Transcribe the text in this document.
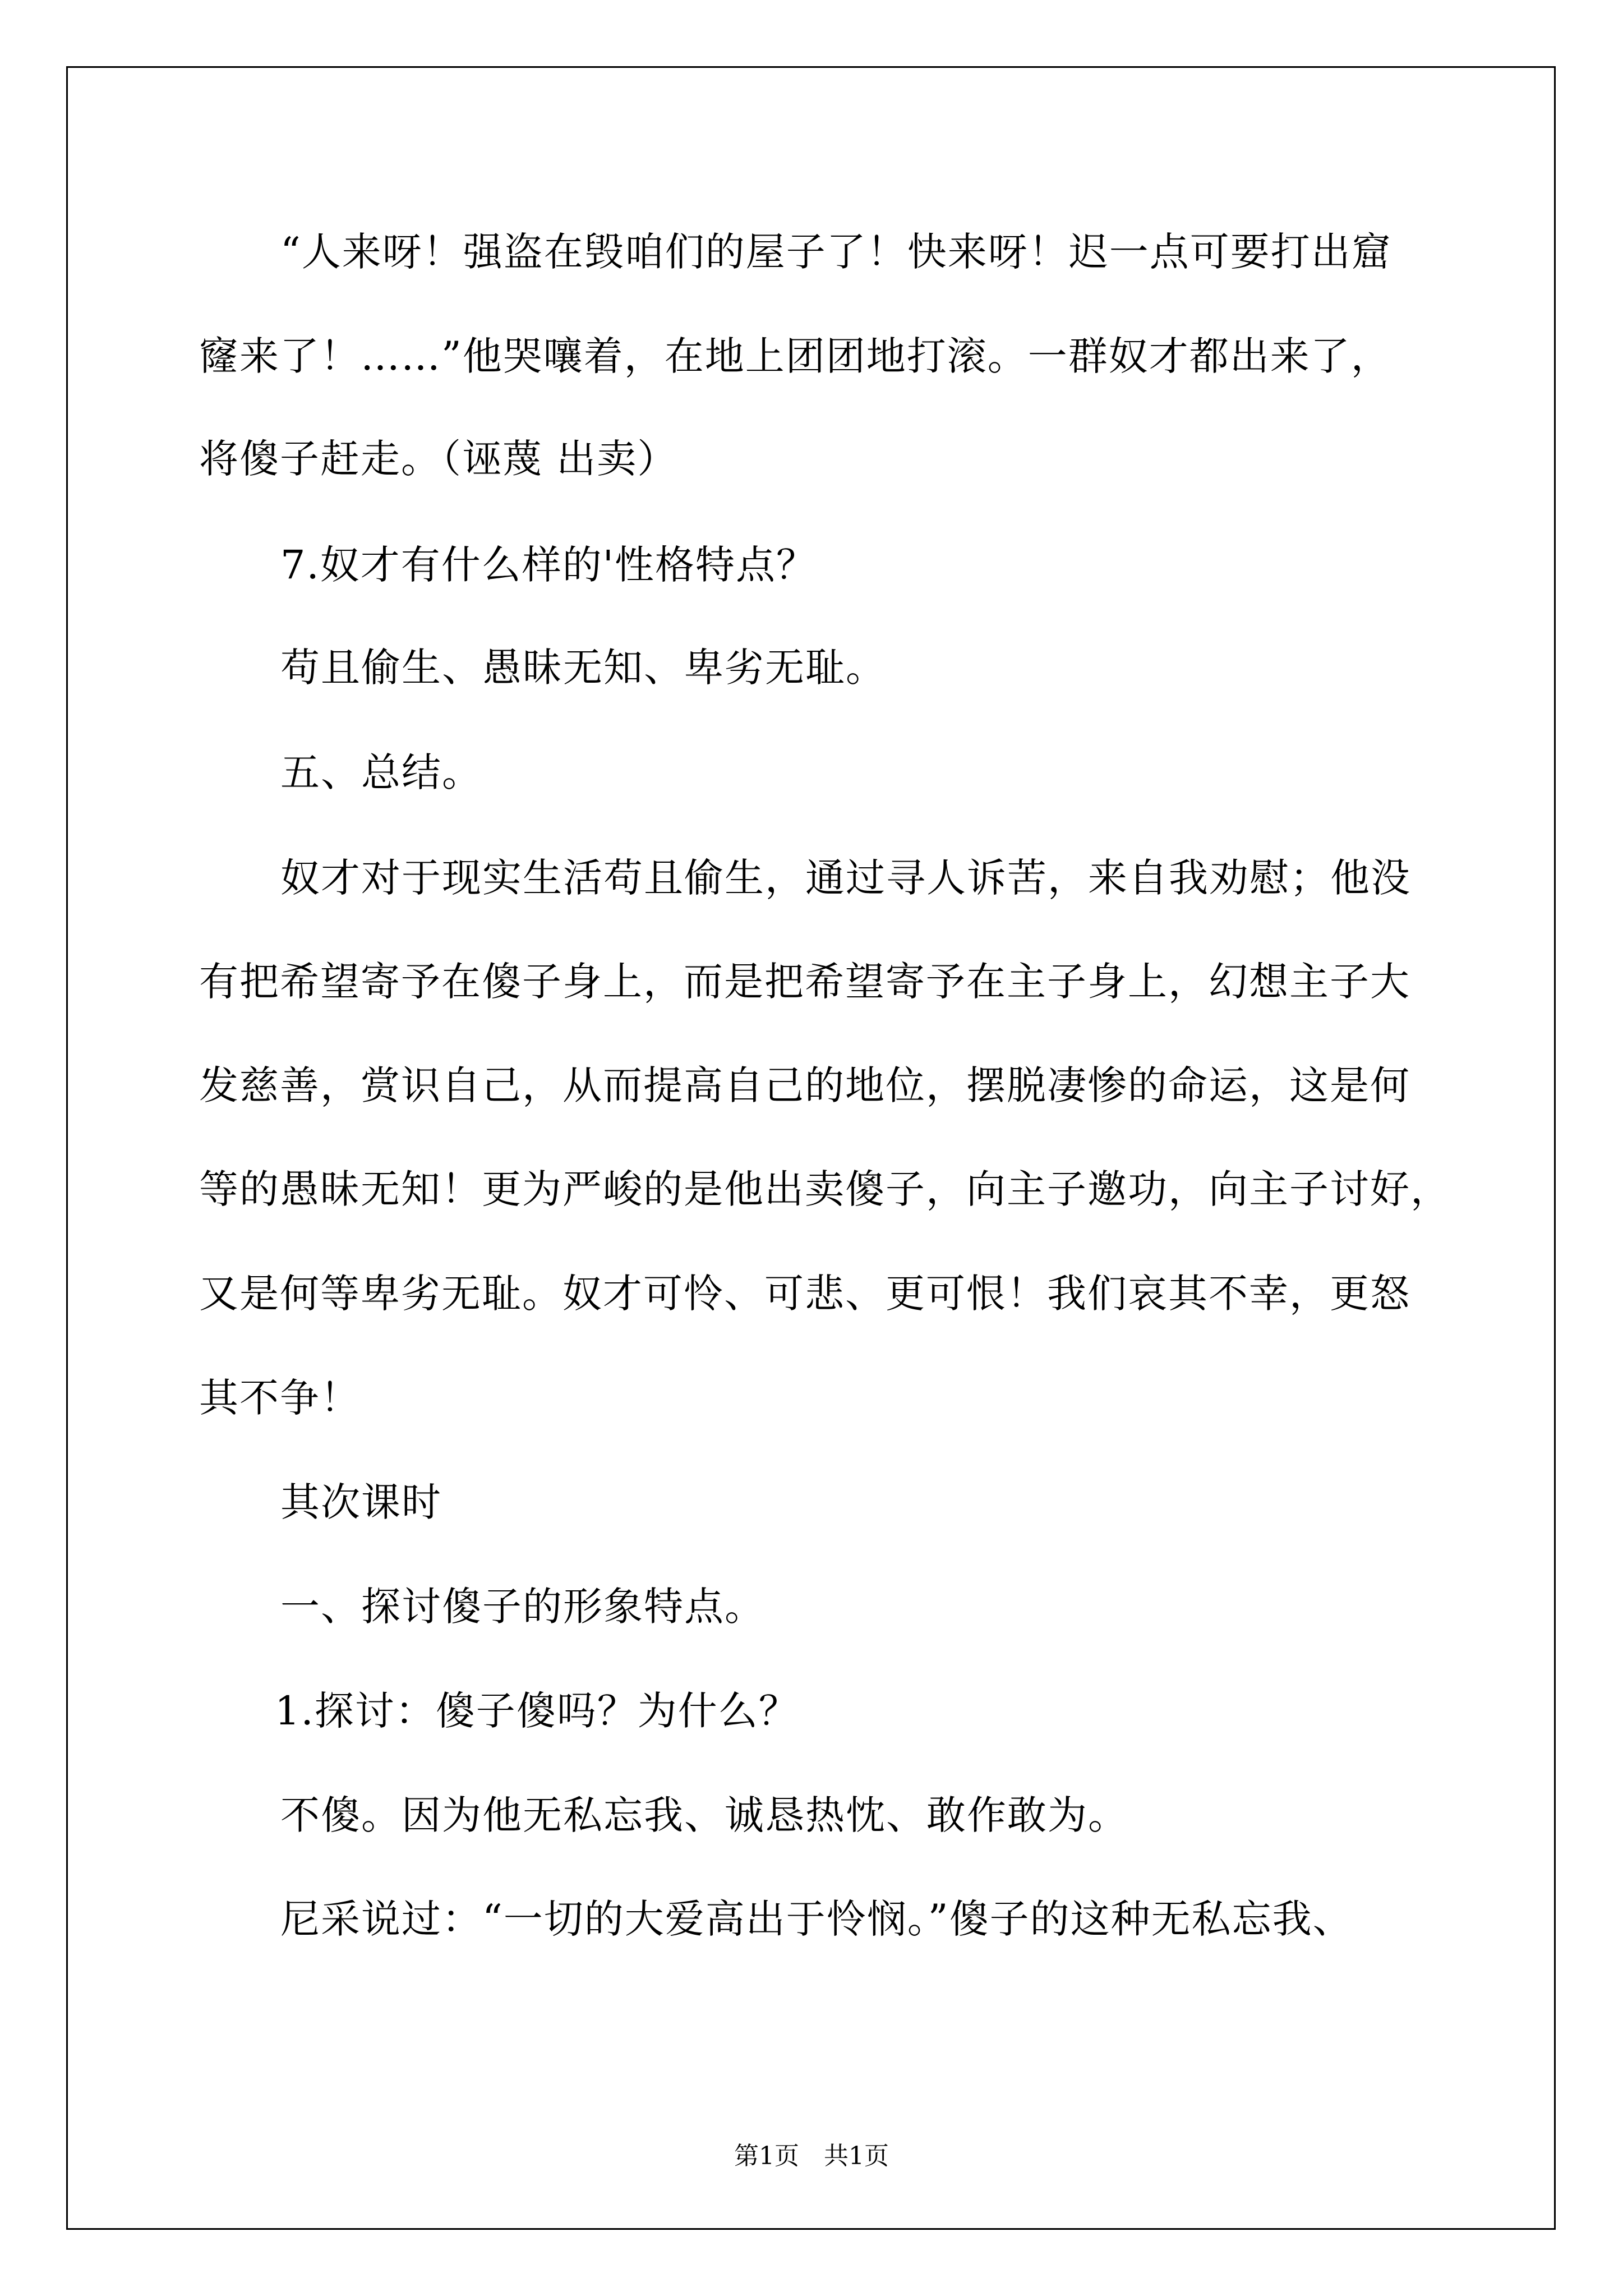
“人来呀！强盗在毁咱们的屋子了！快来呀！迟一点可要打出窟
窿来了！……”他哭嚷着，在地上团团地打滚。一群奴才都出来了，
将傻子赶走。（诬蔑 出卖）
7.奴才有什么样的'性格特点？
苟且偷生、愚昧无知、卑劣无耻。
五、总结。
奴才对于现实生活苟且偷生，通过寻人诉苦，来自我劝慰；他没
有把希望寄予在傻子身上，而是把希望寄予在主子身上，幻想主子大
发慈善，赏识自己，从而提高自己的地位，摆脱凄惨的命运，这是何
等的愚昧无知！更为严峻的是他出卖傻子，向主子邀功，向主子讨好，
又是何等卑劣无耻。奴才可怜、可悲、更可恨！我们哀其不幸，更怒
其不争！
其次课时
一、探讨傻子的形象特点。
1.探讨：傻子傻吗？为什么？
不傻。因为他无私忘我、诚恳热忱、敢作敢为。
尼采说过：“一切的大爱高出于怜悯。”傻子的这种无私忘我、
第1页　共1页
